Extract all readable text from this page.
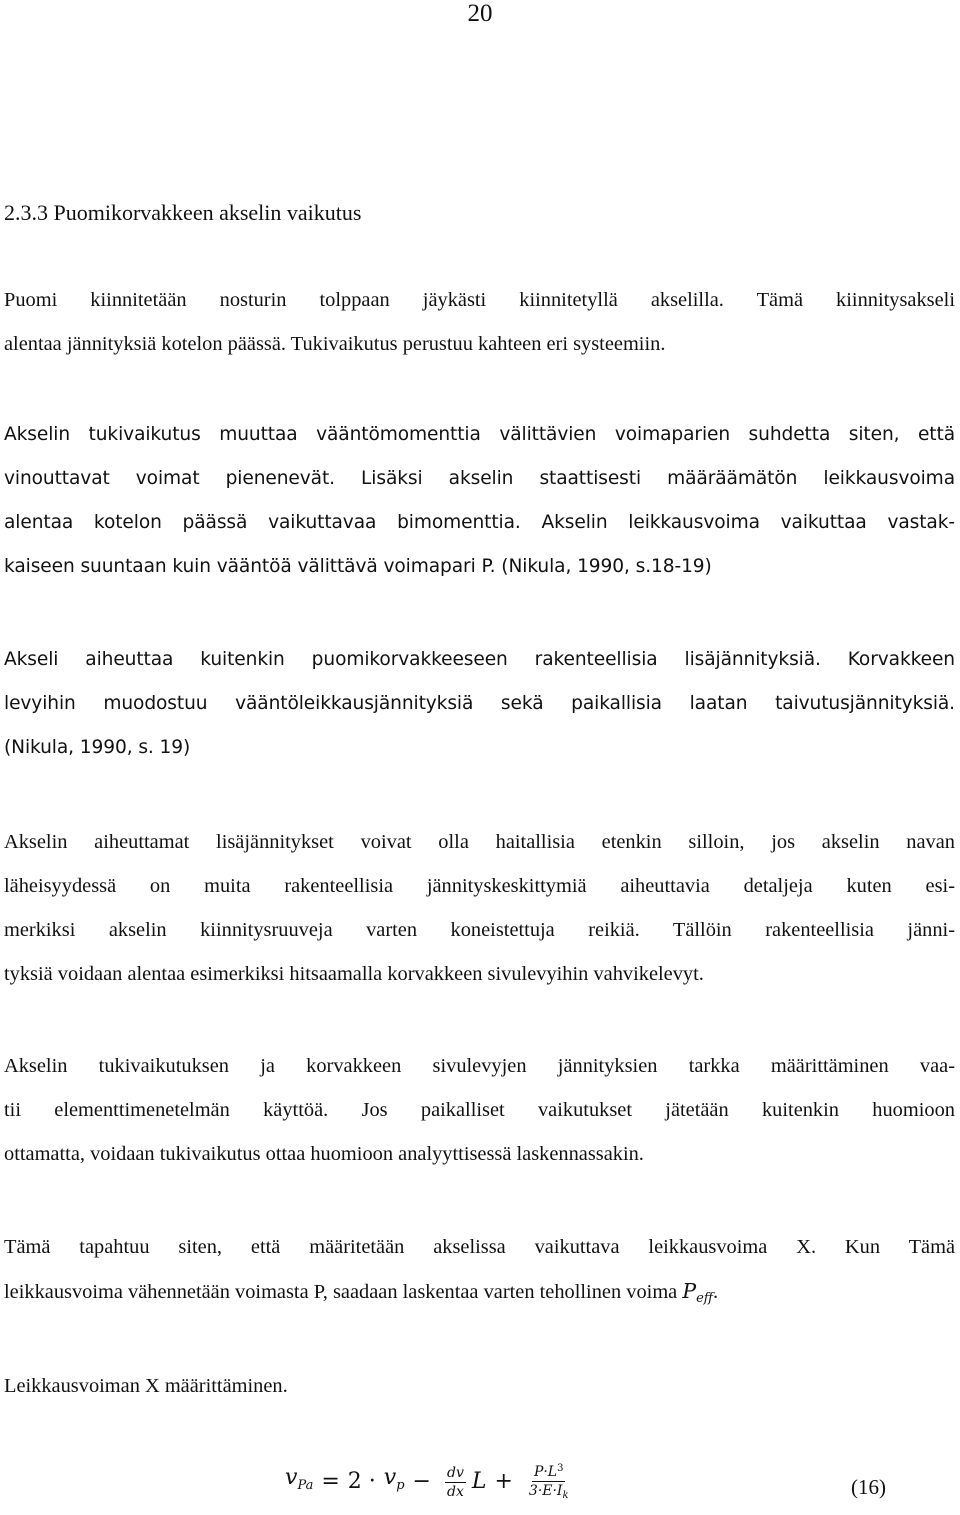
20
2.3.3 Puomikorvakkeen akselin vaikutus
Puomi kiinnitetään nosturin tolppaan jäykästi kiinnitetyllä akselilla. Tämä kiinnitysakseli
alentaa jännityksiä kotelon päässä. Tukivaikutus perustuu kahteen eri systeemiin.
Akselin tukivaikutus muuttaa vääntömomenttia välittävien voimaparien suhdetta siten, että
vinouttavat voimat pienenevät. Lisäksi akselin staattisesti määräämätön leikkausvoima
alentaa kotelon päässä vaikuttavaa bimomenttia. Akselin leikkausvoima vaikuttaa vastak-
kaiseen suuntaan kuin vääntöä välittävä voimapari P. (Nikula, 1990, s.18-19)
Akseli aiheuttaa kuitenkin puomikorvakkeeseen rakenteellisia lisäjännityksiä. Korvakkeen
levyihin muodostuu vääntöleikkausjännityksiä sekä paikallisia laatan taivutusjännityksiä.
(Nikula, 1990, s. 19)
Akselin aiheuttamat lisäjännitykset voivat olla haitallisia etenkin silloin, jos akselin navan
läheisyydessä on muita rakenteellisia jännityskeskittymiä aiheuttavia detaljeja kuten esi-
merkiksi akselin kiinnitysruuveja varten koneistettuja reikiä. Tällöin rakenteellisia jänni-
tyksiä voidaan alentaa esimerkiksi hitsaamalla korvakkeen sivulevyihin vahvikelevyt.
Akselin tukivaikutuksen ja korvakkeen sivulevyjen jännityksien tarkka määrittäminen vaa-
tii elementtimenetelmän käyttöä. Jos paikalliset vaikutukset jätetään kuitenkin huomioon
ottamatta, voidaan tukivaikutus ottaa huomioon analyyttisessä laskennassakin.
Tämä tapahtuu siten, että määritetään akselissa vaikuttava leikkausvoima X. Kun Tämä
leikkausvoima vähennetään voimasta P, saadaan laskentaa varten tehollinen voima $P_{eff}$.
Leikkausvoiman X määrittäminen.
$v_{Pa} = 2 \cdot v_p$ −	$\frac{dv}{dx}$ L +	$\frac{P\cdot L^3}{3\cdot E\cdot I_k}$	(16)
